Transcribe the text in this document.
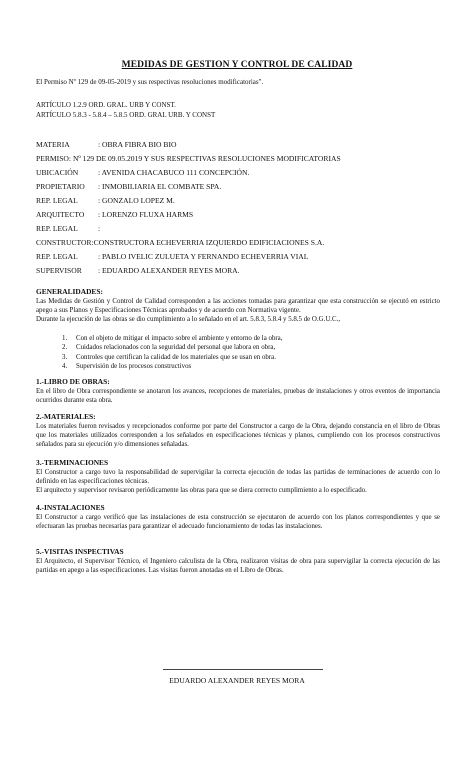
MEDIDAS DE GESTION Y CONTROL DE CALIDAD
El Permiso Nº 129 de 09-05-2019 y sus respectivas resoluciones modificatorias".
ARTÍCULO 1.2.9 ORD. GRAL. URB Y CONST.
ARTÍCULO 5.8.3 - 5.8.4 – 5.8.5 ORD. GRAL URB. Y CONST
MATERIA	: OBRA FIBRA BIO BIO
PERMISO: Nº 129 DE 09.05.2019 Y SUS RESPECTIVAS RESOLUCIONES MODIFICATORIAS
UBICACIÓN	: AVENIDA CHACABUCO 111 CONCEPCIÓN.
PROPIETARIO : INMOBILIARIA EL COMBATE SPA.
REP. LEGAL	: GONZALO LOPEZ M.
ARQUITECTO : LORENZO FLUXA HARMS
REP. LEGAL	:
CONSTRUCTOR:CONSTRUCTORA ECHEVERRIA IZQUIERDO EDIFICIACIONES S.A.
REP. LEGAL	: PABLO IVELIC ZULUETA Y FERNANDO ECHEVERRIA VIAL
SUPERVISOR : EDUARDO ALEXANDER REYES MORA.
GENERALIDADES:
Las Medidas de Gestión y Control de Calidad corresponden a las acciones tomadas para garantizar que esta construcción se ejecutó en estricto apego a sus Planos y Especificaciones Técnicas aprobados y de acuerdo con Normativa vigente.
Durante la ejecución de las obras se dio cumplimiento a lo señalado en el art. 5.8.3, 5.8.4 y 5.8.5 de O.G.U.C.,
1. Con el objeto de mitigar el impacto sobre el ambiente y entorno de la obra,
2. Cuidados relacionados con la seguridad del personal que labora en obra,
3. Controles que certifican la calidad de los materiales que se usan en obra.
4. Supervisión de los procesos constructivos
1.-LIBRO DE OBRAS:
En el libro de Obra correspondiente se anotaron los avances, recepciones de materiales, pruebas de instalaciones y otros eventos de importancia ocurridos durante esta obra.
2.-MATERIALES:
Los materiales fueron revisados y recepcionados conforme por parte del Constructor a cargo de la Obra, dejando constancia en el libro de Obras que los materiales utilizados corresponden a los señalados en especificaciones técnicas y planos, cumpliendo con los procesos constructivos señalados para su ejecución y/o dimensiones señaladas.
3.-TERMINACIONES
El Constructor a cargo tuvo la responsabilidad de supervigilar la correcta ejecución de todas las partidas de terminaciones de acuerdo con lo definido en las especificaciones técnicas.
El arquitecto y supervisor revisaron periódicamente las obras para que se diera correcto cumplimiento a lo especificado.
4.-INSTALACIONES
El Constructor a cargo verificó que las instalaciones de esta construcción se ejecutaron de acuerdo con los planos correspondientes y que se efectuaran las pruebas necesarias para garantizar el adecuado funcionamiento de todas las instalaciones.
5.-VISITAS INSPECTIVAS
El Arquitecto, el Supervisor Técnico, el Ingeniero calculista de la Obra, realizaron visitas de obra para supervigilar la correcta ejecución de las partidas en apego a las especificaciones. Las visitas fueron anotadas en el Libro de Obras.
EDUARDO ALEXANDER REYES MORA
